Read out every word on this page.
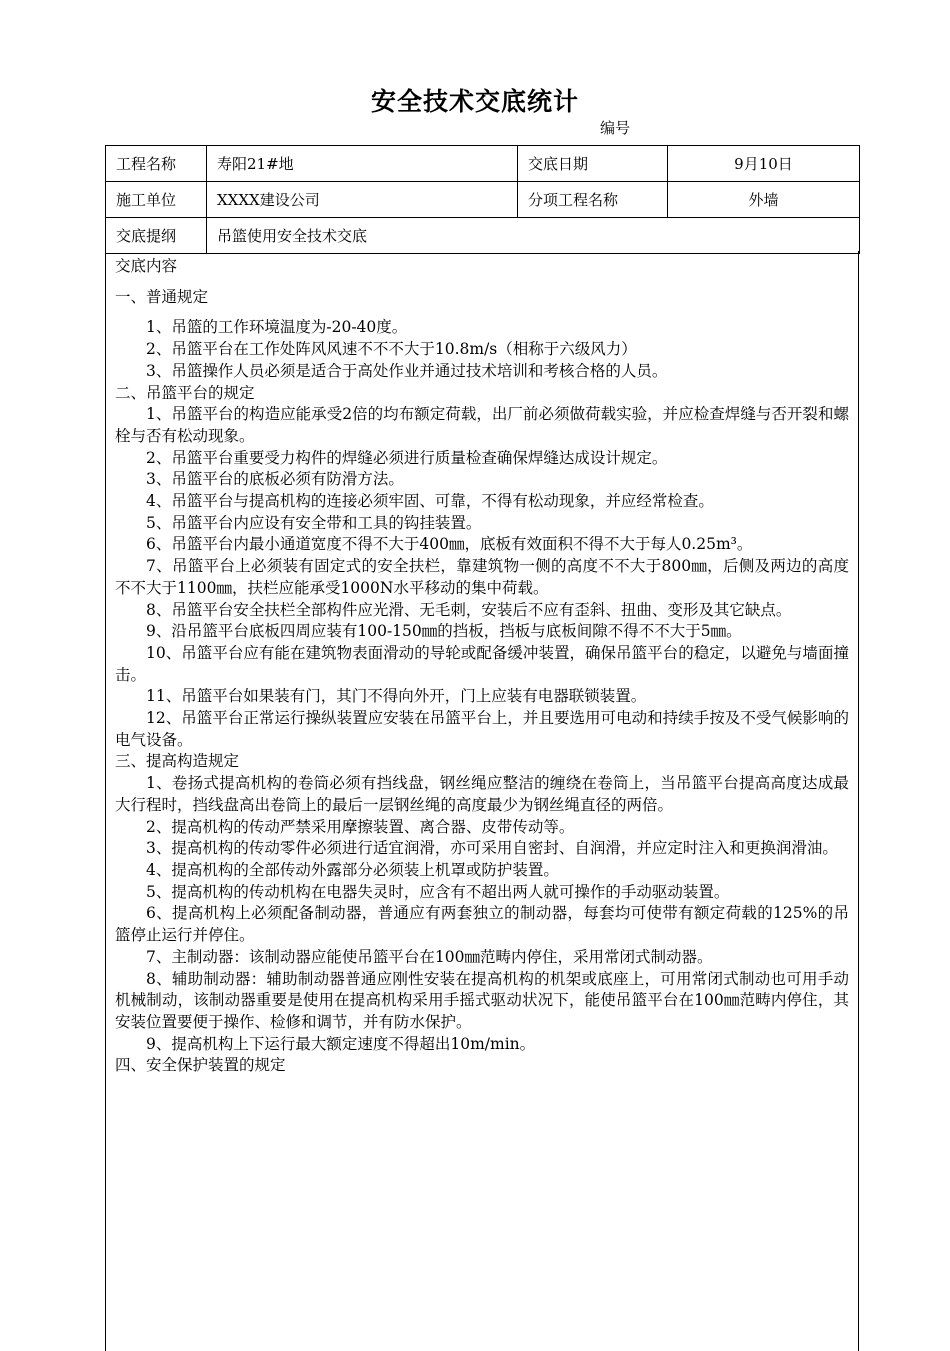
安全技术交底统计
编号
工程名称	寿阳21#地	交底日期	9月10日
施工单位	XXXX建设公司	分项工程名称	外墙
交底提纲	吊篮使用安全技术交底		

交底内容

一、普通规定

1、吊篮的工作环境温度为-20-40度。

2、吊篮平台在工作处阵风风速不不不大于10.8m/s（相称于六级风力）

3、吊篮操作人员必须是适合于高处作业并通过技术培训和考核合格的人员。

二、吊篮平台的规定

1、吊篮平台的构造应能承受2倍的均布额定荷载，出厂前必须做荷载实验，并应检查焊缝与否开裂和螺栓与否有松动现象。

2、吊篮平台重要受力构件的焊缝必须进行质量检查确保焊缝达成设计规定。

3、吊篮平台的底板必须有防滑方法。

4、吊篮平台与提高机构的连接必须牢固、可靠，不得有松动现象，并应经常检查。

5、吊篮平台内应设有安全带和工具的钩挂装置。

6、吊篮平台内最小通道宽度不得不大于400㎜，底板有效面积不得不大于每人0.25m³。

7、吊篮平台上必须装有固定式的安全扶栏，靠建筑物一侧的高度不不大于800㎜，后侧及两边的高度不不大于1100㎜，扶栏应能承受1000N水平移动的集中荷载。

8、吊篮平台安全扶栏全部构件应光滑、无毛刺，安装后不应有歪斜、扭曲、变形及其它缺点。

9、沿吊篮平台底板四周应装有100-150㎜的挡板，挡板与底板间隙不得不不大于5㎜。

10、吊篮平台应有能在建筑物表面滑动的导轮或配备缓冲装置，确保吊篮平台的稳定，以避免与墙面撞击。

11、吊篮平台如果装有门，其门不得向外开，门上应装有电器联锁装置。

12、吊篮平台正常运行操纵装置应安装在吊篮平台上，并且要选用可电动和持续手按及不受气候影响的电气设备。

三、提高构造规定

1、卷扬式提高机构的卷筒必须有挡线盘，钢丝绳应整洁的缠绕在卷筒上，当吊篮平台提高高度达成最大行程时，挡线盘高出卷筒上的最后一层钢丝绳的高度最少为钢丝绳直径的两倍。

2、提高机构的传动严禁采用摩擦装置、离合器、皮带传动等。

3、提高机构的传动零件必须进行适宜润滑，亦可采用自密封、自润滑，并应定时注入和更换润滑油。

4、提高机构的全部传动外露部分必须装上机罩或防护装置。

5、提高机构的传动机构在电器失灵时，应含有不超出两人就可操作的手动驱动装置。

6、提高机构上必须配备制动器，普通应有两套独立的制动器，每套均可使带有额定荷载的125%的吊篮停止运行并停住。

7、主制动器：该制动器应能使吊篮平台在100㎜范畴内停住，采用常闭式制动器。

8、辅助制动器：辅助制动器普通应刚性安装在提高机构的机架或底座上，可用常闭式制动也可用手动机械制动，该制动器重要是使用在提高机构采用手摇式驱动状况下，能使吊篮平台在100㎜范畴内停住，其安装位置要便于操作、检修和调节，并有防水保护。

9、提高机构上下运行最大额定速度不得超出10m/min。

四、安全保护装置的规定
